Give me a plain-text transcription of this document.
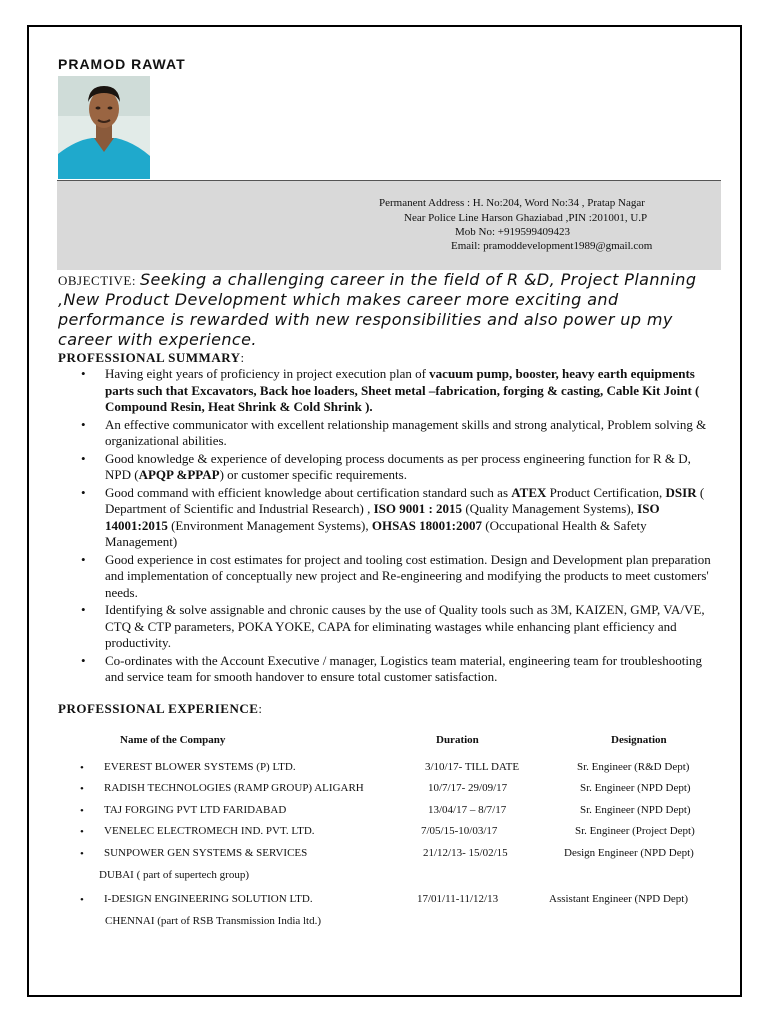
PRAMOD RAWAT
Permanent Address : H. No:204, Word No:34 , Pratap Nagar
Near Police Line Harson Ghaziabad ,PIN :201001, U.P
Mob No: +919599409423
Email: pramoddevelopment1989@gmail.com
OBJECTIVE: Seeking a challenging career in the field of R &D, Project Planning ,New Product Development which makes career more exciting and performance is rewarded with new responsibilities and also power up my career with experience.
PROFESSIONAL SUMMARY:
• Having eight years of proficiency in project execution plan of vacuum pump, booster, heavy earth equipments parts such that Excavators, Back hoe loaders, Sheet metal –fabrication, forging & casting, Cable Kit Joint ( Compound Resin, Heat Shrink & Cold Shrink ).
• An effective communicator with excellent relationship management skills and strong analytical, Problem solving & organizational abilities.
• Good knowledge & experience of developing process documents as per process engineering function for R & D, NPD (APQP &PPAP) or customer specific requirements.
• Good command with efficient knowledge about certification standard such as ATEX Product Certification, DSIR ( Department of Scientific and Industrial Research) , ISO 9001 : 2015 (Quality Management Systems), ISO 14001:2015 (Environment Management Systems), OHSAS 18001:2007 (Occupational Health & Safety Management)
• Good experience in cost estimates for project and tooling cost estimation. Design and Development plan preparation and implementation of conceptually new project and Re-engineering and modifying the products to meet customers' needs.
• Identifying & solve assignable and chronic causes by the use of Quality tools such as 3M, KAIZEN, GMP, VA/VE, CTQ & CTP parameters, POKA YOKE, CAPA for eliminating wastages while enhancing plant efficiency and productivity.
• Co-ordinates with the Account Executive / manager, Logistics team material, engineering team for troubleshooting and service team for smooth handover to ensure total customer satisfaction.
PROFESSIONAL EXPERIENCE:
Name of the Company	Duration	Designation
• EVEREST BLOWER SYSTEMS (P) LTD.	3/10/17- TILL DATE	Sr. Engineer (R&D Dept)
• RADISH TECHNOLOGIES (RAMP GROUP) ALIGARH	10/7/17- 29/09/17	Sr. Engineer (NPD Dept)
• TAJ FORGING PVT LTD FARIDABAD	13/04/17 – 8/7/17	Sr. Engineer (NPD Dept)
• VENELEC ELECTROMECH IND. PVT. LTD.	7/05/15-10/03/17	Sr. Engineer (Project Dept)
• SUNPOWER GEN SYSTEMS & SERVICES	21/12/13- 15/02/15	Design Engineer (NPD Dept)
DUBAI ( part of supertech group)
• I-DESIGN ENGINEERING SOLUTION LTD.	17/01/11-11/12/13	Assistant Engineer (NPD Dept)
CHENNAI (part of RSB Transmission India ltd.)
